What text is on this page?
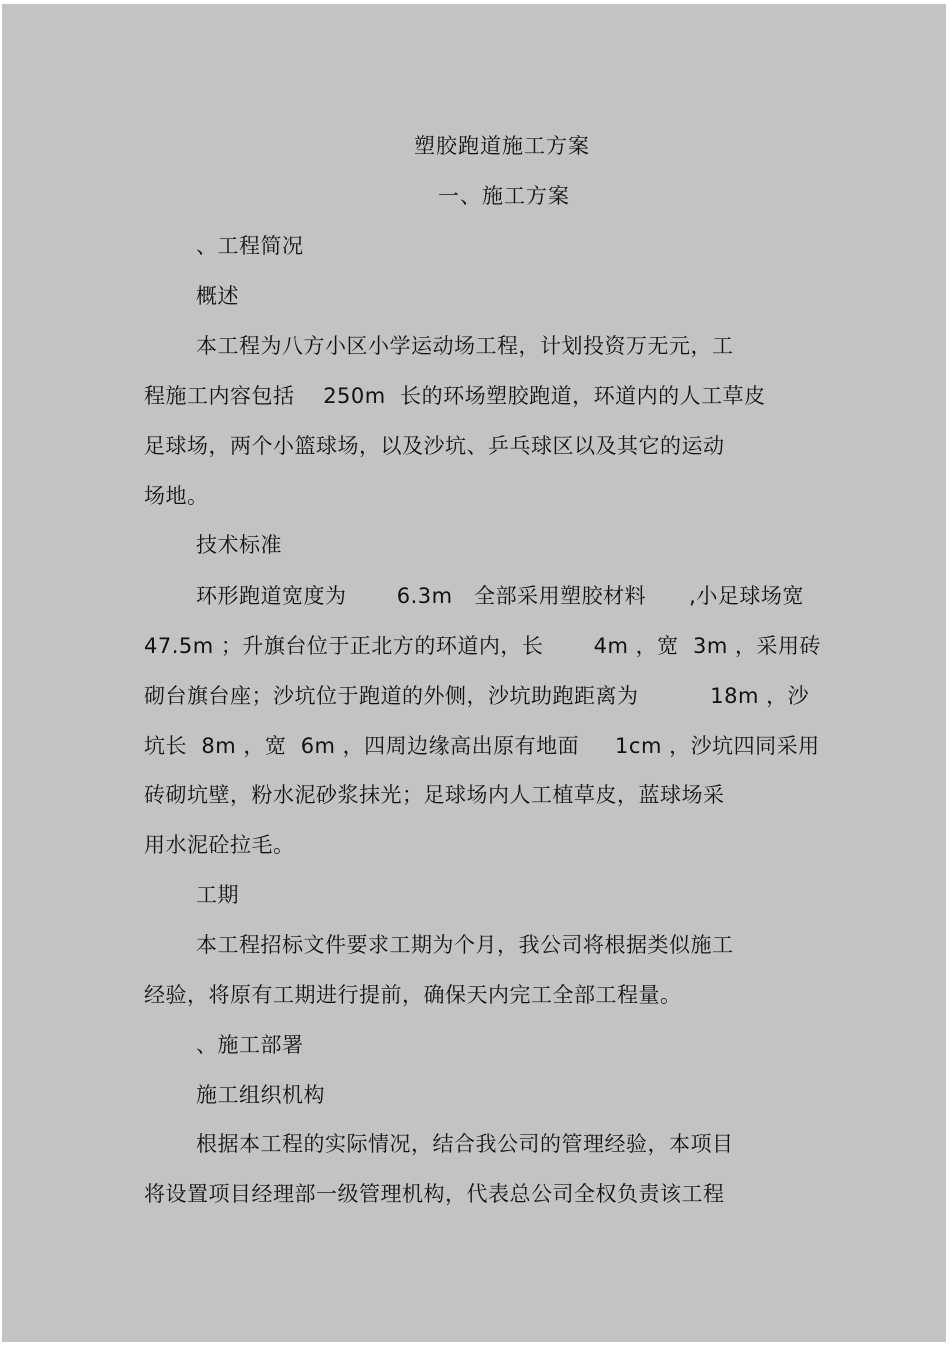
塑胶跑道施工方案
一、施工方案
、工程简况
概述
本工程为八方小区小学运动场工程，计划投资万无元，工
程施工内容包括    250m  长的环场塑胶跑道，环道内的人工草皮
足球场，两个小篮球场，以及沙坑、乒乓球区以及其它的运动
场地。
技术标准
环形跑道宽度为       6.3m   全部采用塑胶材料      ,小足球场宽
47.5m ；升旗台位于正北方的环道内，长       4m ，宽  3m ，采用砖
砌台旗台座；沙坑位于跑道的外侧，沙坑助跑距离为          18m ，沙
坑长  8m ，宽  6m ，四周边缘高出原有地面     1cm ，沙坑四同采用
砖砌坑壁，粉水泥砂浆抹光；足球场内人工植草皮，蓝球场采
用水泥砼拉毛。
工期
本工程招标文件要求工期为个月，我公司将根据类似施工
经验，将原有工期进行提前，确保天内完工全部工程量。
、施工部署
施工组织机构
根据本工程的实际情况，结合我公司的管理经验，本项目
将设置项目经理部一级管理机构，代表总公司全权负责该工程
